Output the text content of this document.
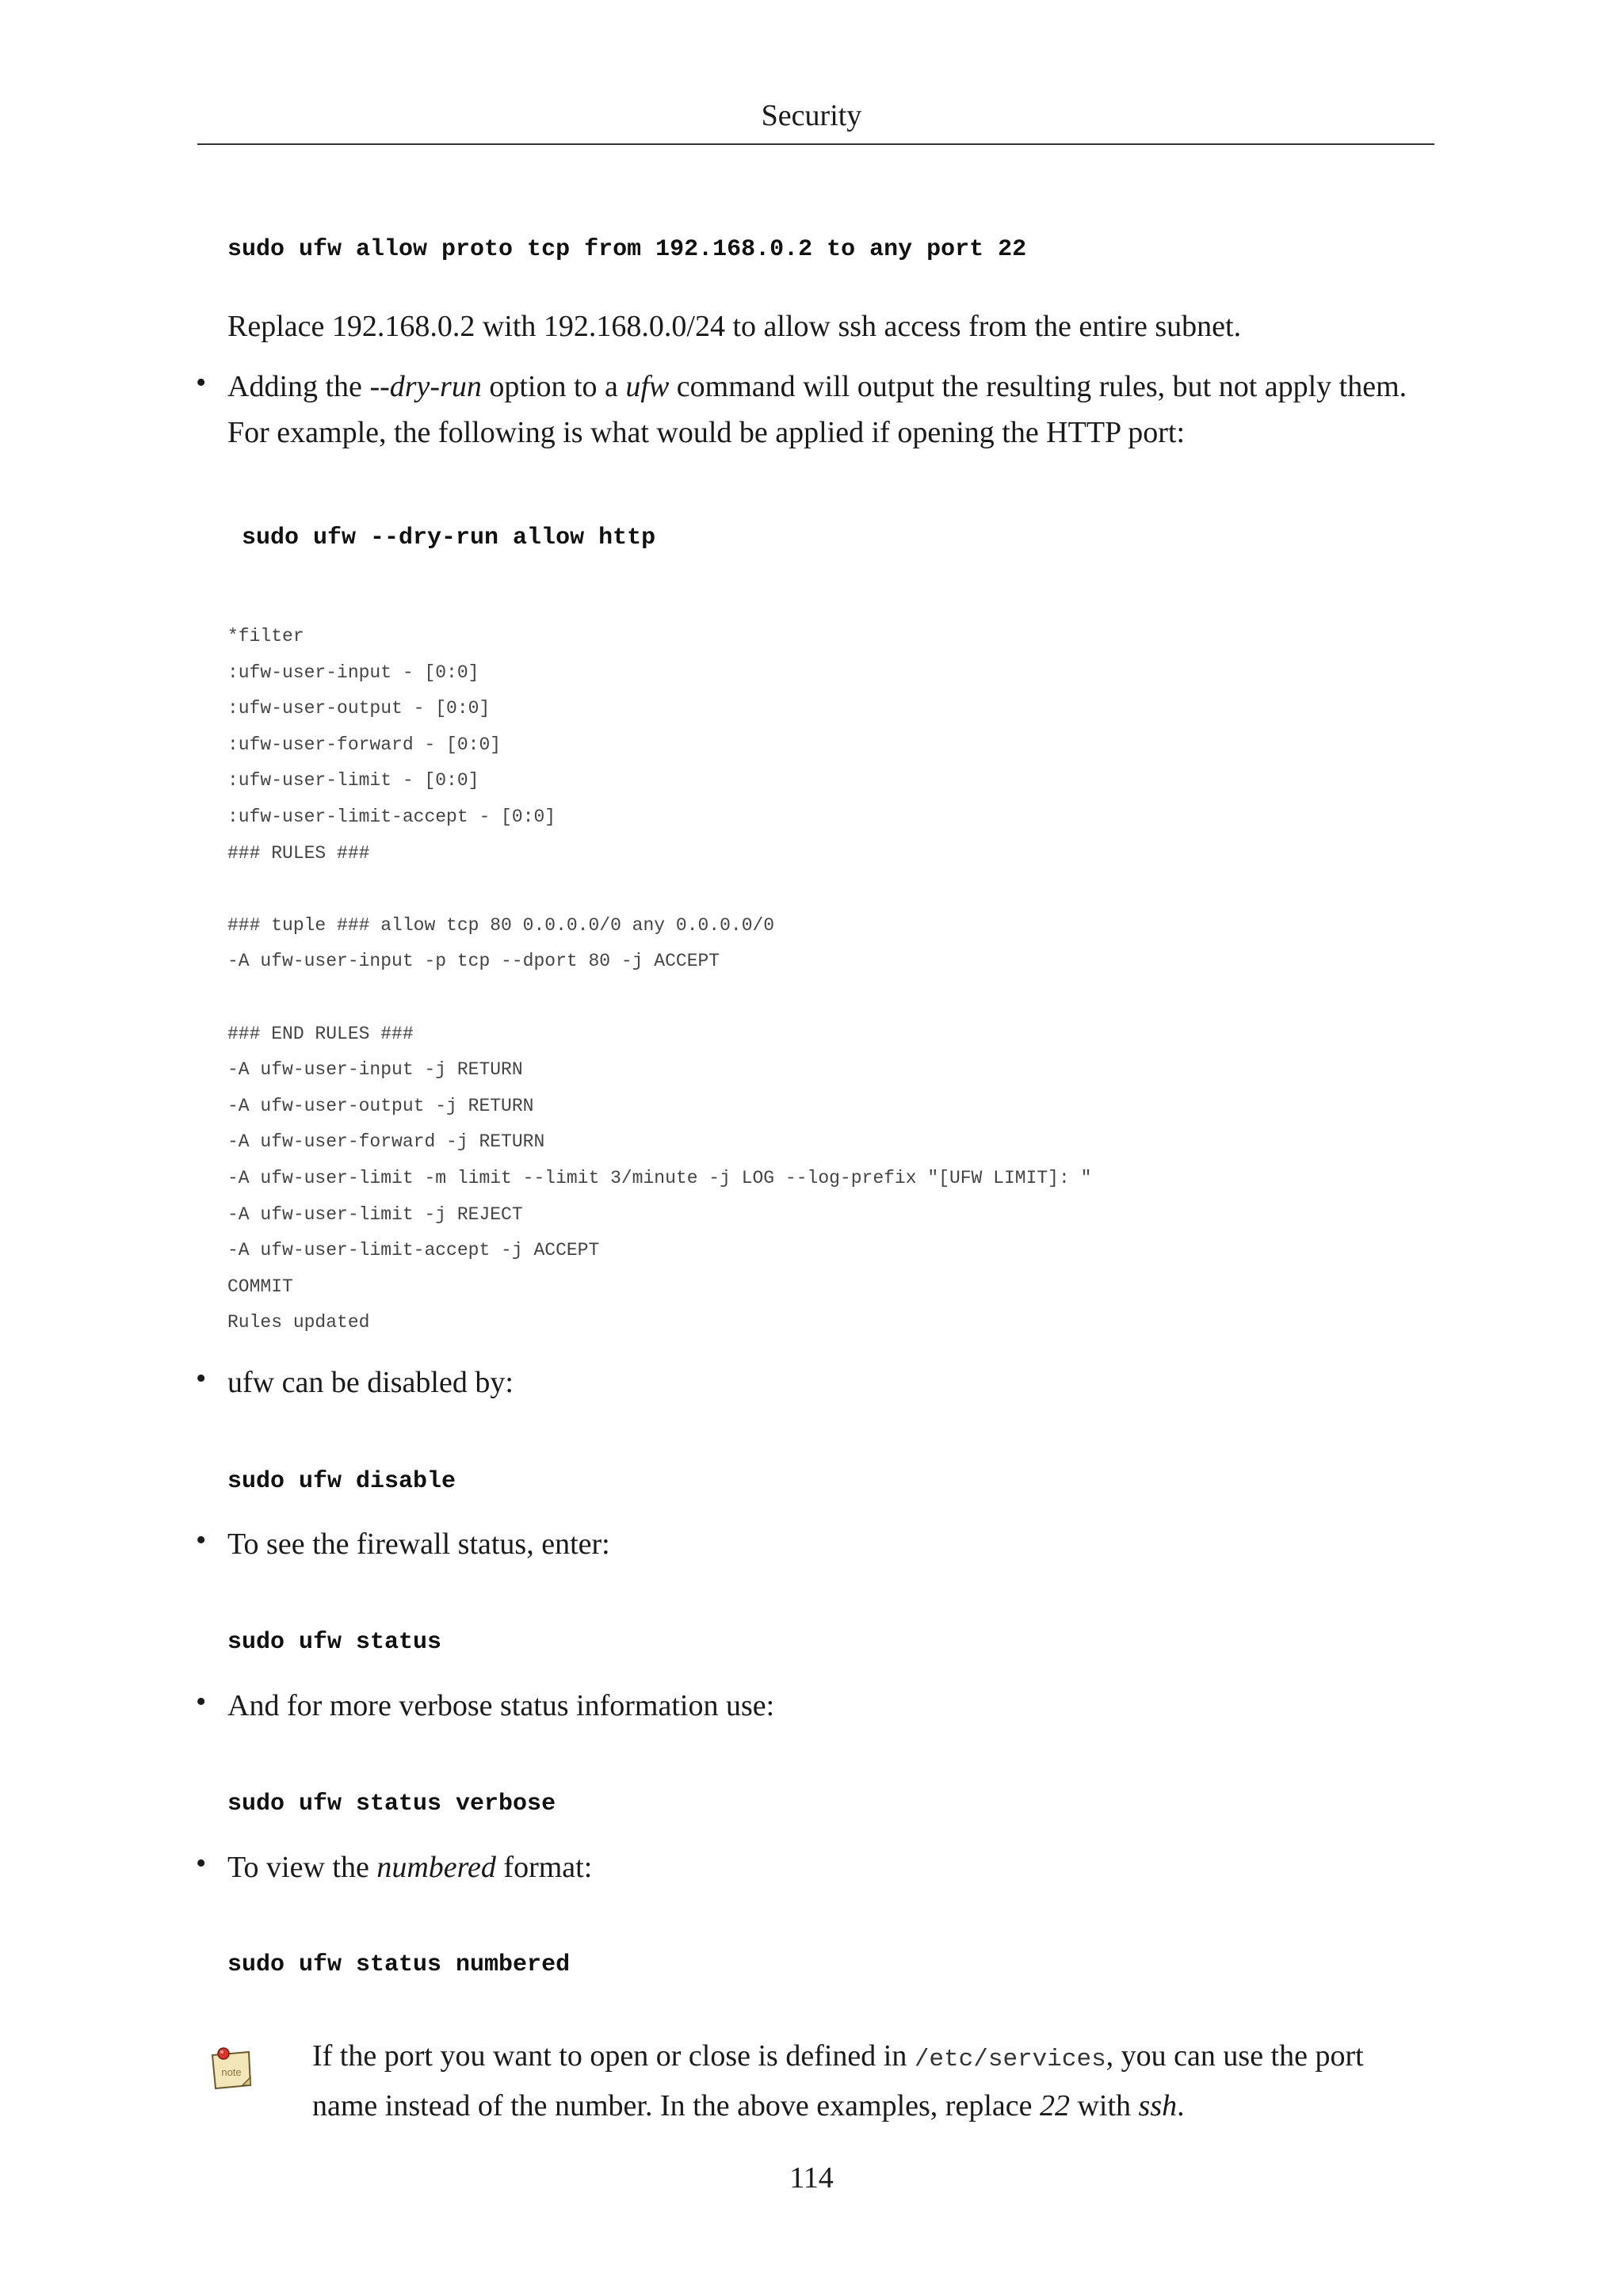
Security
sudo ufw allow proto tcp from 192.168.0.2 to any port 22
Replace 192.168.0.2 with 192.168.0.0/24 to allow ssh access from the entire subnet.
• Adding the --dry-run option to a ufw command will output the resulting rules, but not apply them.
For example, the following is what would be applied if opening the HTTP port:
sudo ufw --dry-run allow http
*filter
:ufw-user-input - [0:0]
:ufw-user-output - [0:0]
:ufw-user-forward - [0:0]
:ufw-user-limit - [0:0]
:ufw-user-limit-accept - [0:0]
### RULES ###
### tuple ### allow tcp 80 0.0.0.0/0 any 0.0.0.0/0
-A ufw-user-input -p tcp --dport 80 -j ACCEPT
### END RULES ###
-A ufw-user-input -j RETURN
-A ufw-user-output -j RETURN
-A ufw-user-forward -j RETURN
-A ufw-user-limit -m limit --limit 3/minute -j LOG --log-prefix "[UFW LIMIT]: "
-A ufw-user-limit -j REJECT
-A ufw-user-limit-accept -j ACCEPT
COMMIT
Rules updated
• ufw can be disabled by:
sudo ufw disable
• To see the firewall status, enter:
sudo ufw status
• And for more verbose status information use:
sudo ufw status verbose
• To view the numbered format:
sudo ufw status numbered
note If the port you want to open or close is defined in /etc/services, you can use the port
name instead of the number. In the above examples, replace 22 with ssh.
114
